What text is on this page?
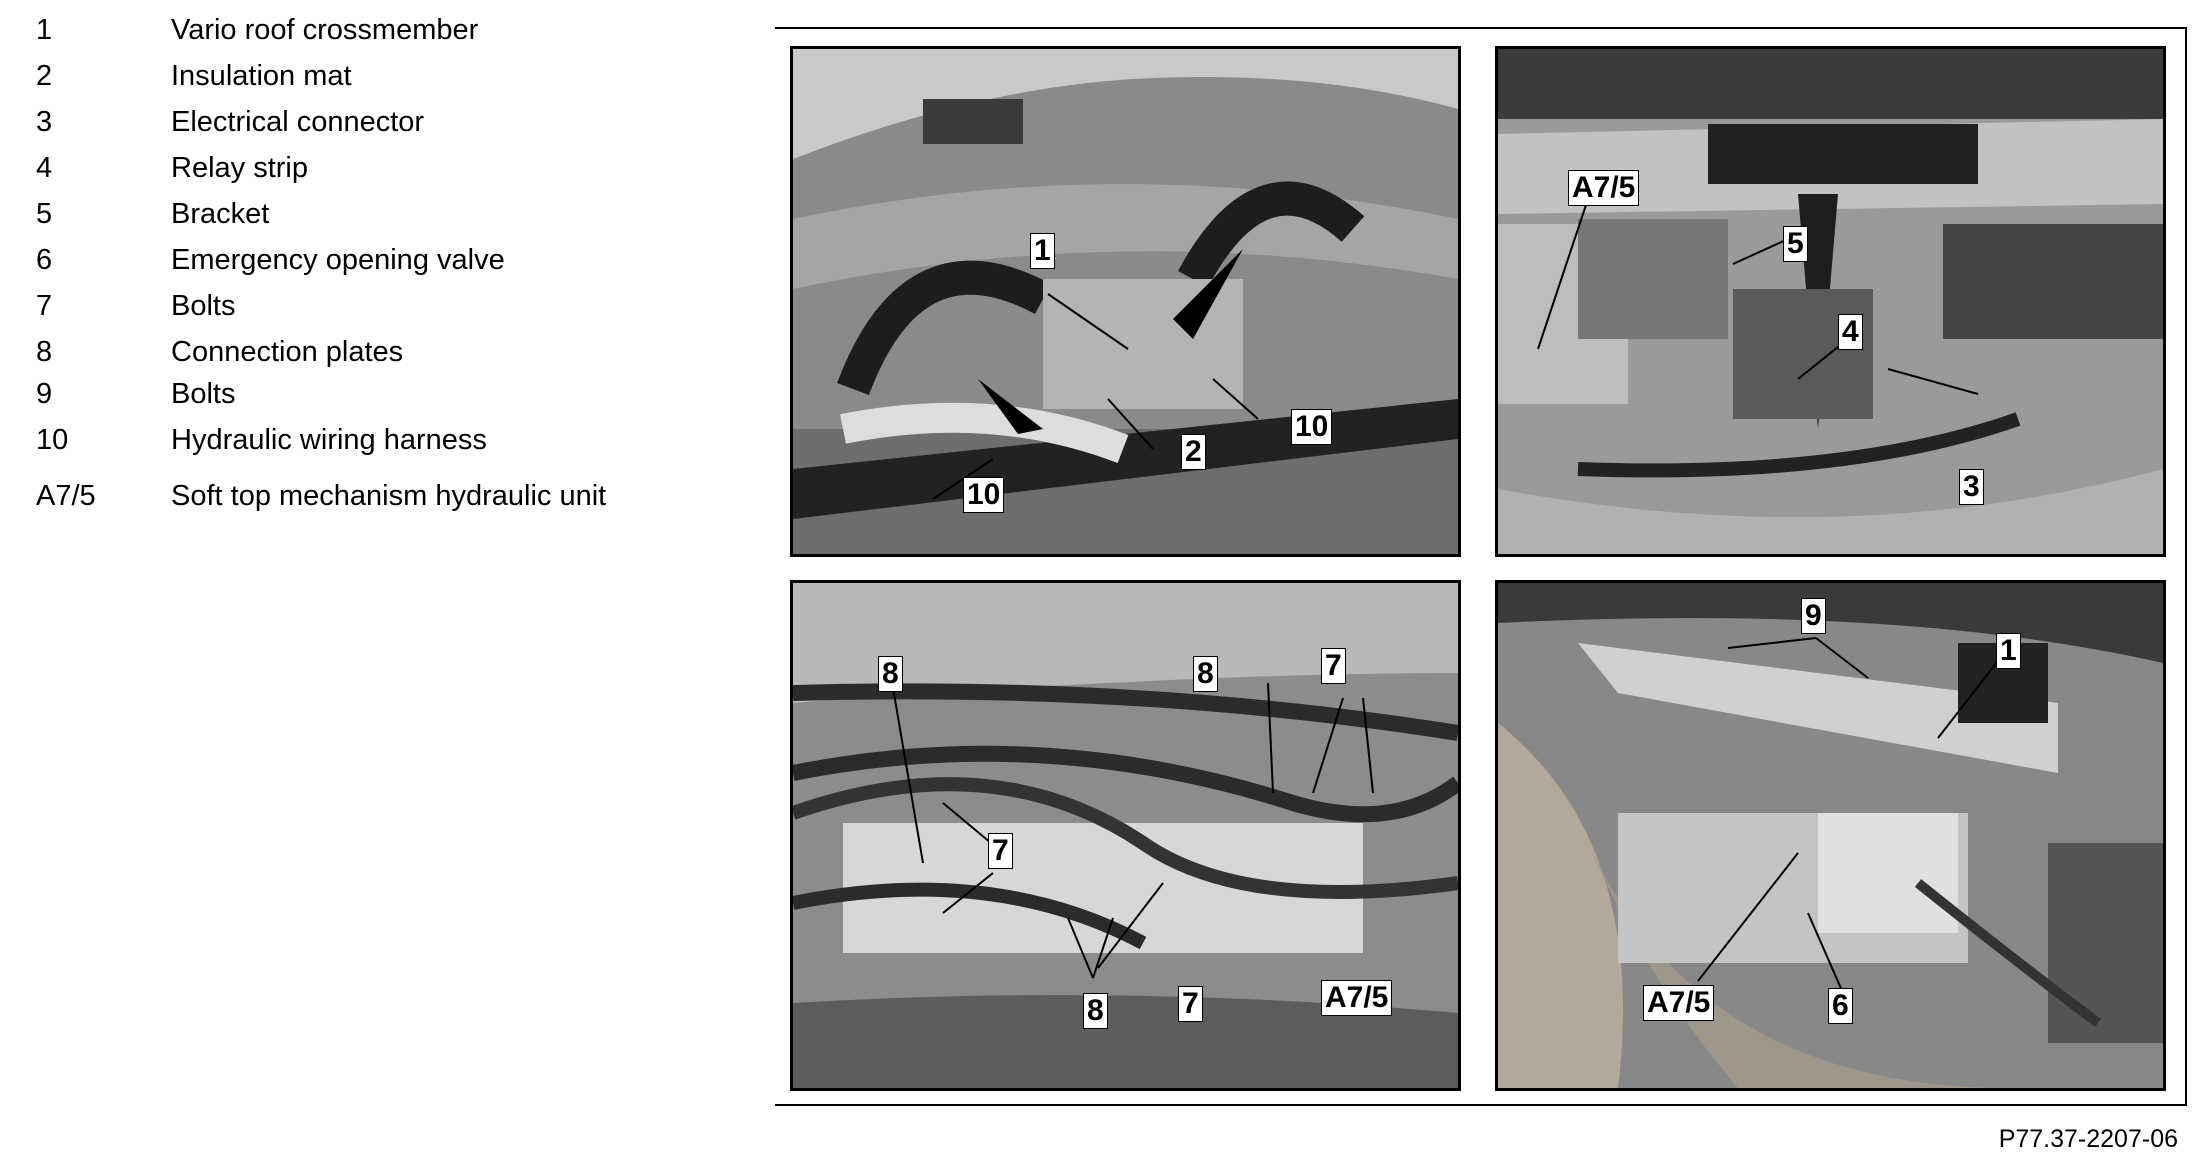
1	Vario roof crossmember
2	Insulation mat
3	Electrical connector
4	Relay strip
5	Bracket
6	Emergency opening valve
7	Bolts
8	Connection plates
9	Bolts
10	Hydraulic wiring harness
A7/5	Soft top mechanism hydraulic unit
1
2
10
10
A7/5
5
4
3
8	8	7
7
7
8	A7/5
9
1
A7/5	6
P77.37-2207-06
